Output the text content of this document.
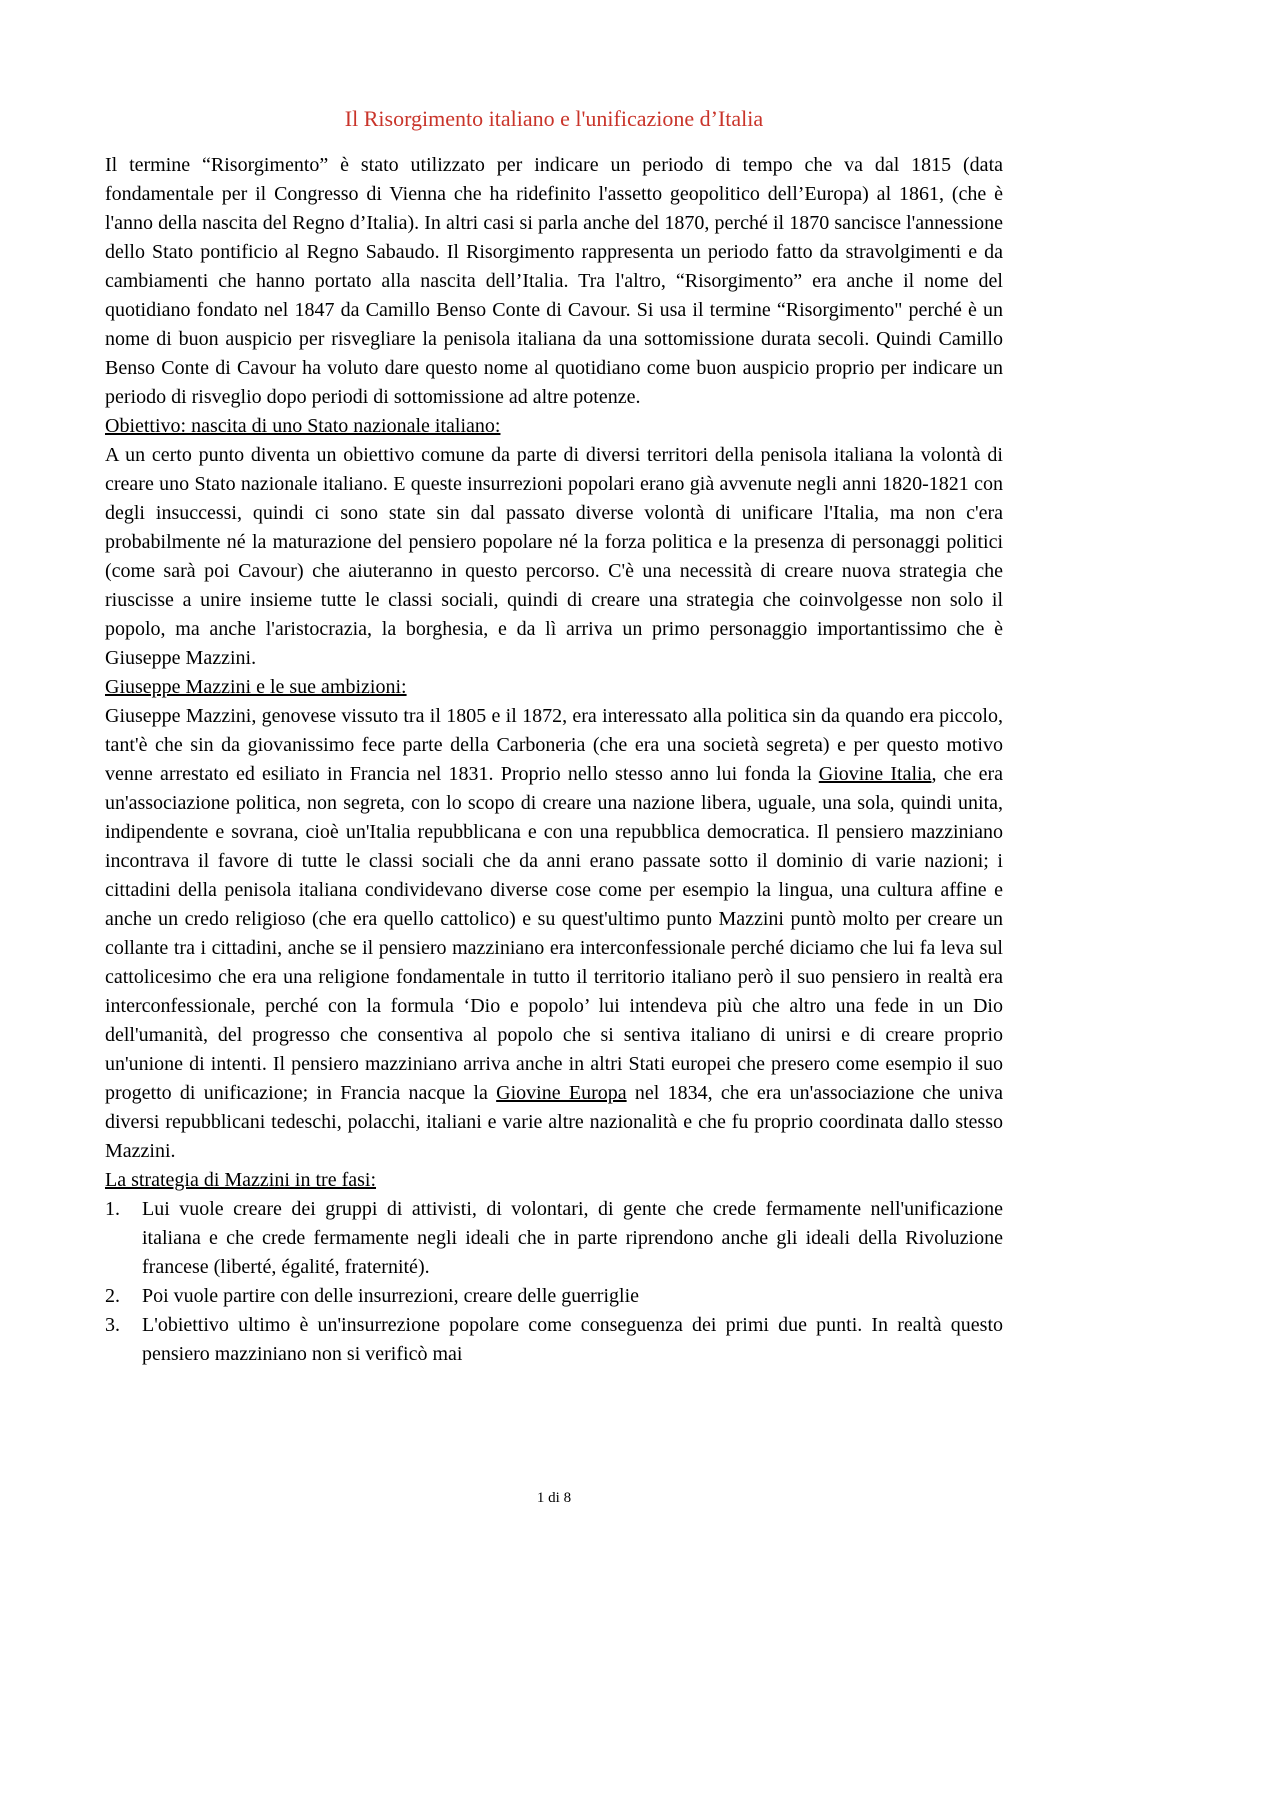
Il Risorgimento italiano e l'unificazione d’Italia

Il termine “Risorgimento” è stato utilizzato per indicare un periodo di tempo che va dal 1815 (data fondamentale per il Congresso di Vienna che ha ridefinito l'assetto geopolitico dell’Europa) al 1861, (che è l'anno della nascita del Regno d’Italia). In altri casi si parla anche del 1870, perché il 1870 sancisce l'annessione dello Stato pontificio al Regno Sabaudo. Il Risorgimento rappresenta un periodo fatto da stravolgimenti e da cambiamenti che hanno portato alla nascita dell’Italia. Tra l'altro, “Risorgimento” era anche il nome del quotidiano fondato nel 1847 da Camillo Benso Conte di Cavour. Si usa il termine “Risorgimento" perché è un nome di buon auspicio per risvegliare la penisola italiana da una sottomissione durata secoli. Quindi Camillo Benso Conte di Cavour ha voluto dare questo nome al quotidiano come buon auspicio proprio per indicare un periodo di risveglio dopo periodi di sottomissione ad altre potenze.

Obiettivo: nascita di uno Stato nazionale italiano:

A un certo punto diventa un obiettivo comune da parte di diversi territori della penisola italiana la volontà di creare uno Stato nazionale italiano. E queste insurrezioni popolari erano già avvenute negli anni 1820-1821 con degli insuccessi, quindi ci sono state sin dal passato diverse volontà di unificare l'Italia, ma non c'era probabilmente né la maturazione del pensiero popolare né la forza politica e la presenza di personaggi politici (come sarà poi Cavour) che aiuteranno in questo percorso. C'è una necessità di creare nuova strategia che riuscisse a unire insieme tutte le classi sociali, quindi di creare una strategia che coinvolgesse non solo il popolo, ma anche l'aristocrazia, la borghesia, e da lì arriva un primo personaggio importantissimo che è Giuseppe Mazzini.

Giuseppe Mazzini e le sue ambizioni:

Giuseppe Mazzini, genovese vissuto tra il 1805 e il 1872, era interessato alla politica sin da quando era piccolo, tant'è che sin da giovanissimo fece parte della Carboneria (che era una società segreta) e per questo motivo venne arrestato ed esiliato in Francia nel 1831. Proprio nello stesso anno lui fonda la Giovine Italia, che era un'associazione politica, non segreta, con lo scopo di creare una nazione libera, uguale, una sola, quindi unita, indipendente e sovrana, cioè un'Italia repubblicana e con una repubblica democratica. Il pensiero mazziniano incontrava il favore di tutte le classi sociali che da anni erano passate sotto il dominio di varie nazioni; i cittadini della penisola italiana condividevano diverse cose come per esempio la lingua, una cultura affine e anche un credo religioso (che era quello cattolico) e su quest'ultimo punto Mazzini puntò molto per creare un collante tra i cittadini, anche se il pensiero mazziniano era interconfessionale perché diciamo che lui fa leva sul cattolicesimo che era una religione fondamentale in tutto il territorio italiano però il suo pensiero in realtà era interconfessionale, perché con la formula ‘Dio e popolo’ lui intendeva più che altro una fede in un Dio dell'umanità, del progresso che consentiva al popolo che si sentiva italiano di unirsi e di creare proprio un'unione di intenti. Il pensiero mazziniano arriva anche in altri Stati europei che presero come esempio il suo progetto di unificazione; in Francia nacque la Giovine Europa nel 1834, che era un'associazione che univa diversi repubblicani tedeschi, polacchi, italiani e varie altre nazionalità e che fu proprio coordinata dallo stesso Mazzini.

La strategia di Mazzini in tre fasi:
1.	Lui vuole creare dei gruppi di attivisti, di volontari, di gente che crede fermamente nell'unificazione italiana e che crede fermamente negli ideali che in parte riprendono anche gli ideali della Rivoluzione francese (liberté, égalité, fraternité).
2.	Poi vuole partire con delle insurrezioni, creare delle guerriglie
3.	L'obiettivo ultimo è un'insurrezione popolare come conseguenza dei primi due punti. In realtà questo pensiero mazziniano non si verificò mai
1 di 8
